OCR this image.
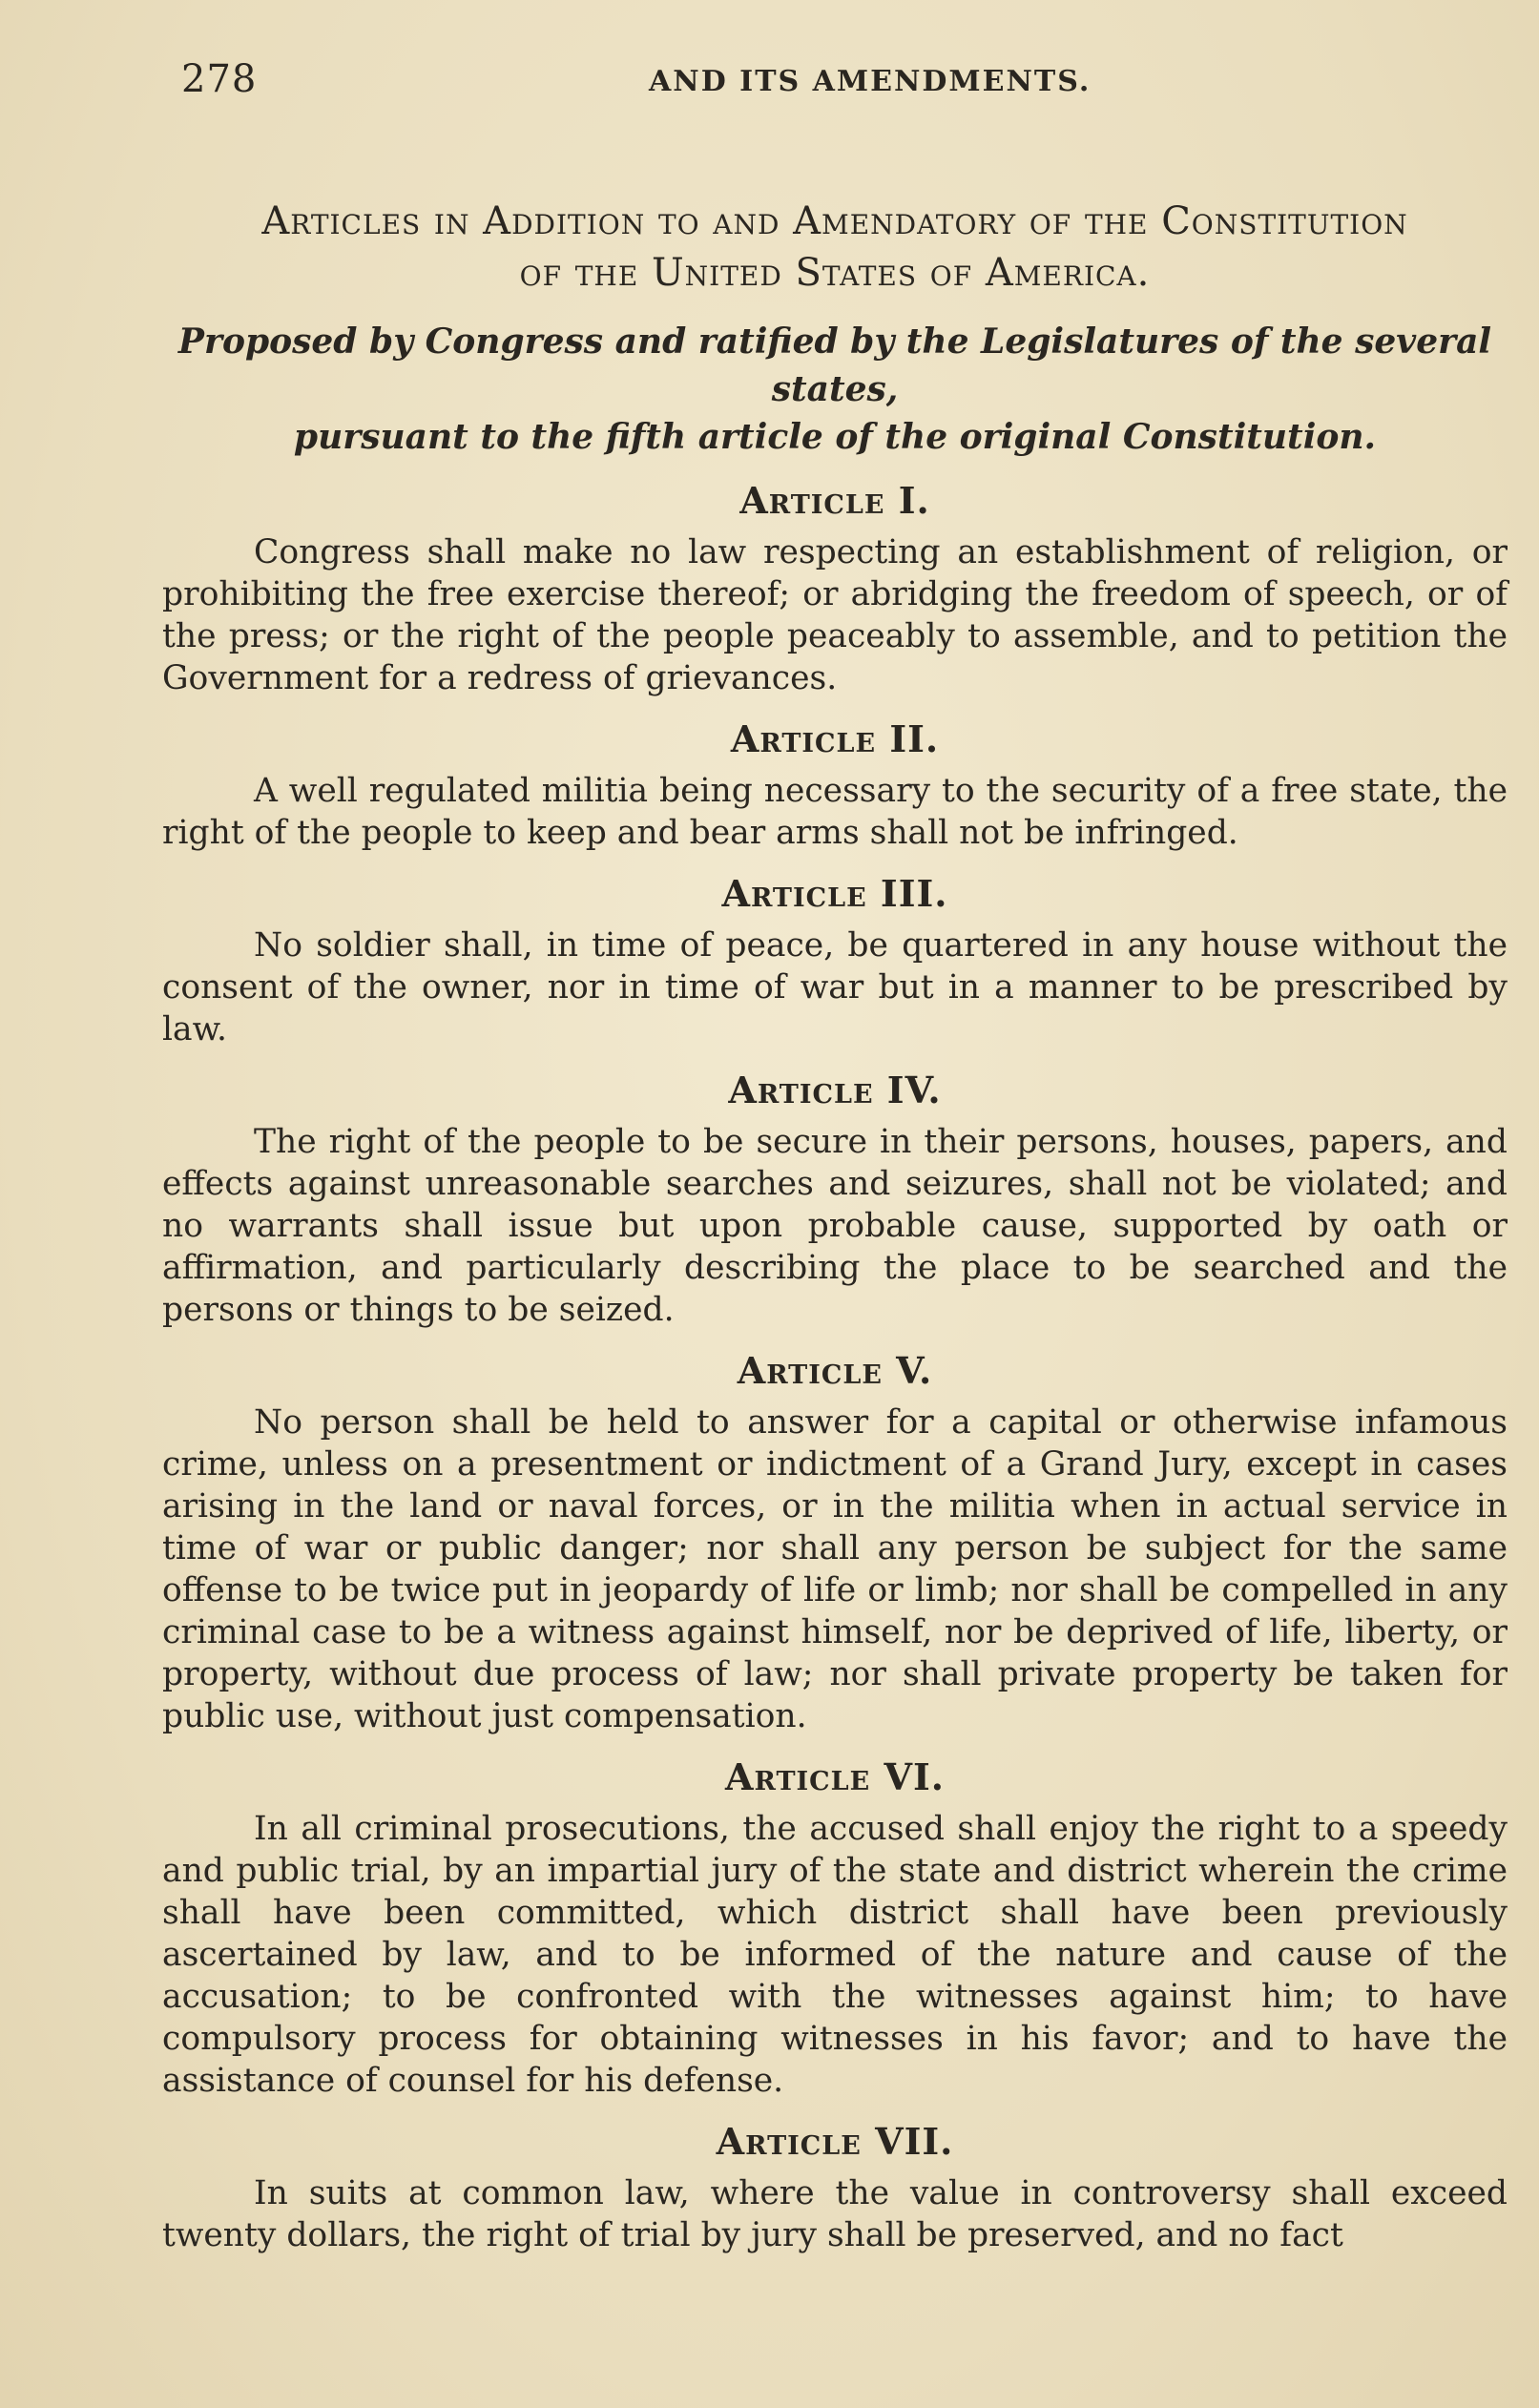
278	AND ITS AMENDMENTS.

Articles in Addition to and Amendatory of the Constitution

of the United States of America.

Proposed by Congress and ratified by the Legislatures of the several states,

pursuant to the fifth article of the original Constitution.

Article I.

Congress shall make no law respecting an establishment of religion, or prohibiting the free exercise thereof; or abridging the freedom of speech, or of the press; or the right of the people peaceably to assemble, and to petition the Government for a redress of grievances.

Article II.

A well regulated militia being necessary to the security of a free state, the right of the people to keep and bear arms shall not be infringed.

Article III.

No soldier shall, in time of peace, be quartered in any house without the consent of the owner, nor in time of war but in a manner to be prescribed by law.

Article IV.

The right of the people to be secure in their persons, houses, papers, and effects against unreasonable searches and seizures, shall not be violated; and no warrants shall issue but upon probable cause, supported by oath or affirmation, and particularly describing the place to be searched and the persons or things to be seized.

Article V.

No person shall be held to answer for a capital or otherwise infamous crime, unless on a presentment or indictment of a Grand Jury, except in cases arising in the land or naval forces, or in the militia when in actual service in time of war or public danger; nor shall any person be subject for the same offense to be twice put in jeopardy of life or limb; nor shall be compelled in any criminal case to be a witness against himself, nor be deprived of life, liberty, or property, without due process of law; nor shall private property be taken for public use, without just compensation.

Article VI.

In all criminal prosecutions, the accused shall enjoy the right to a speedy and public trial, by an impartial jury of the state and district wherein the crime shall have been committed, which district shall have been previously ascertained by law, and to be informed of the nature and cause of the accusation; to be confronted with the witnesses against him; to have compulsory process for obtaining witnesses in his favor; and to have the assistance of counsel for his defense.

Article VII.

In suits at common law, where the value in controversy shall exceed twenty dollars, the right of trial by jury shall be preserved, and no fact
